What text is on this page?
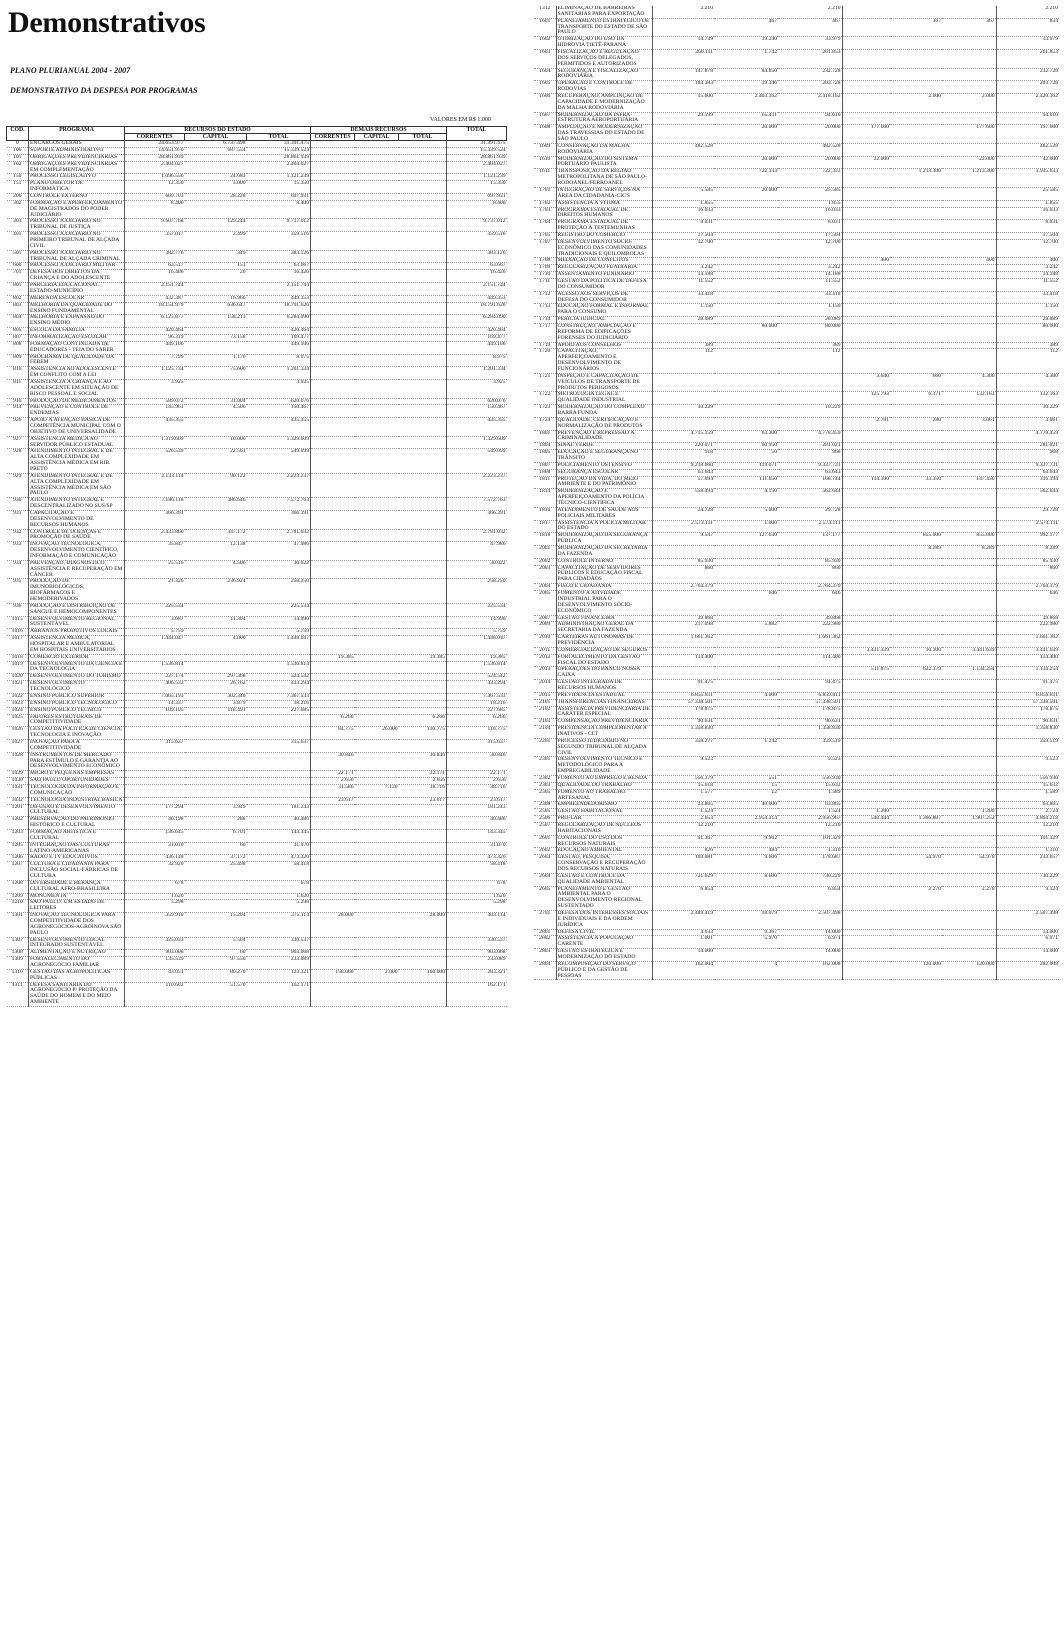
Demonstrativos
PLANO PLURIANUAL 2004 - 2007
DEMONSTRATIVO DA DESPESA POR PROGRAMAS
VALORES EM R$ 1.000
CÓD.	PROGRAMA	RECURSOS DO ESTADO			DEMAIS RECURSOS			TOTAL
		CORRENTES	CAPITAL	TOTAL	CORRENTES	CAPITAL	TOTAL	
0	ENCARGOS GERAIS	24.653.977	6.737.498	31.391.475				31.391.475
100	SUPORTE ADMINISTRATIVO	14.651.970	687.554	15.339.524				15.339.524
101	OBRIGAÇÕES PREVIDENCIÁRIAS	28.861.939		28.861.939				28.861.939
102	OBRIGAÇÕES PREVIDENCIÁRIAS EM COMPLEMENTAÇÃO	2.404.027		2.404.027				2.404.027
150	PROCESSO LEGISLATIVO	1.096.556	24.683	1.121.239				1.121.239
151	PLANO DIRETOR DE INFORMÁTICA	12.350	3.000	15.350				15.350
200	CONTROLE EXTERNO	669.703	28.228	697.931				697.931
302	FORMAÇÃO E APERFEIÇOAMENTO DE MAGISTRADOS DO PODER JUDICIÁRIO	8.400		8.400				8.400
303	PROCESSO JUDICIÁRIO NO TRIBUNAL DE JUSTIÇA	9.607.768	129.244	9.737.012				9.737.012
401	PROCESSO JUDICIÁRIO NO PRIMEIRO TRIBUNAL DE ALÇADA CIVIL	357.017	2.499	359.516				359.516
501	PROCESSO JUDICIÁRIO NO TRIBUNAL DE ALÇADA CRIMINAL	382.776	349	383.126				383.126
600	PROCESSO JUDICIÁRIO MILITAR	63.517	151	63.667				63.667
701	DEFESA DOS DIREITOS DA CRIANÇA E DO ADOLESCENTE	16.406	20	16.426				16.426
801	PARCERIA EDUCACIONAL ESTADO-MUNICÍPIO	2.151.744		2.151.744				2.151.744
802	MERENDA ESCOLAR	432.387	16.966	449.353				449.353
803	MELHORIA DA QUALIDADE DO ENSINO FUNDAMENTAL	18.154.979	636.647	18.791.626				18.791.626
804	MELHORIA E EXPANSÃO DO ENSINO MÉDIO	6.125.877	158.213	6.284.090				6.284.090
805	ESCOLA DA FAMÍLIA	420.464		420.464				420.464
807	INFORMATIZAÇÃO ESCOLAR	96.319	73.158	169.477				169.477
808	FORMAÇÃO CONTINUADA DE EDUCADORES - TEIA DO SABER	449.106		449.106				449.106
809	PROGRAMA DE QUALIDADE DA FEBEM	7.799	1.176	8.975				8.975
810	ASSISTÊNCIA AO ADOLESCENTE EM CONFLITO COM A LEI	1.125.734	75.600	1.201.334				1.201.334
811	ASSISTÊNCIA À CRIANÇA E AO ADOLESCENTE EM SITUAÇÃO DE RISCO PESSOAL E SOCIAL	3.925		3.925				3.925
910	PRODUÇÃO DE MEDICAMENTOS	589.072	31.004	620.076				620.076
914	PREVENÇÃO E CONTROLE DE ENDEMIAS	145.961	4.506	150.467				150.467
926	APOIO À ATENÇÃO BÁSICA DE COMPETÊNCIA MUNICIPAL COM O OBJETIVO DE UNIVERSALIDADE	435.355		435.355				435.355
927	ASSISTÊNCIA MÉDICA AO SERVIDOR PÚBLICO ESTADUAL	1.319.609	10.000	1.329.609				1.329.609
928	ATENDIMENTO INTEGRAL E DE ALTA COMPLEXIDADE EM ASSISTÊNCIA MÉDICA EM RIB. PRETO	526.539	22.561	549.099				549.099
929	ATENDIMENTO INTEGRAL E DE ALTA COMPLEXIDADE EM ASSISTÊNCIA MÉDICA EM SÃO PAULO	2.133.114	90.122	2.223.237				2.223.237
930	ATENDIMENTO INTEGRAL E DESCENTRALIZADO NO SUS/SP	7.186.118	386.646	7.572.763				7.572.763
931	CAPACITAÇÃO E DESENVOLVIMENTO DE RECURSOS HUMANOS	366.391		366.391				366.391
932	CONTROLE DE DOENÇAS E PROMOÇÃO DE SAÚDE	2.433.860	347.172	2.781.032				2.781.032
933	INOVAÇÃO TECNOLÓGICA, DESENVOLVIMENTO CIENTÍFICO, INFORMAÇÃO E COMUNICAÇÃO	35.847	12.138	47.986				47.986
934	PREVENÇÃO, DIAGNÓSTICO, ASSISTÊNCIA E RECUPERAÇÃO EM CÂNCER	25.516	4.506	30.022				30.022
935	PRODUÇÃO DE IMUNOBIOLÓGICOS, BIOFÁRMACOS E HEMODERIVADOS	21.326	236.924	258.250				258.250
936	PRODUÇÃO E DISTRIBUIÇÃO DE SANGUE E HEMOCOMPONENTES	225.534		225.534				225.534
1015	DESENVOLVIMENTO REGIONAL SUSTENTÁVEL	3.687	11.304	14.990				14.990
1016	ARRANJOS PRODUTIVOS LOCAIS	5.759		5.759				5.759
1017	ASSISTÊNCIA MÉDICA, HOSPITALAR E AMBULATORIAL EM HOSPITAIS UNIVERSITÁRIOS	1.444.047	4.000	1.448.047				1.448.047
1018	COMÉRCIO EXTERIOR				19.385		19.385	19.385
1019	DESENVOLVIMENTO DA CIÊNCIA E DA TECNOLOGIA	1.536.814		1.536.814				1.536.814
1020	DESENVOLVIMENTO DO TURISMO	227.174	297.368	524.542				524.542
1021	DESENVOLVIMENTO TECNOLÓGICO	406.532	26.762	433.294				433.294
1022	ENSINO PÚBLICO SUPERIOR	7.065.193	302.340	7.367.533				7.367.533
1023	ENSINO PÚBLICO TECNOLÓGICO	14.337	3.879	18.216				18.216
1024	ENSINO PÚBLICO TÉCNICO	109.195	118.491	227.685				227.685
1025	FATORES ESTRUTURAIS DE COMPETITIVIDADE				6.266		6.266	6.266
1026	GESTÃO DA POLÍTICA DE CIÊNCIA, TECNOLOGIA E INOVAÇÃO				84.775	26.000	110.775	110.775
1027	INOVAÇÃO PARA A COMPETITIVIDADE	315.637		315.637				315.637
1028	INSTRUMENTOS DE MERCADO PARA ESTÍMULO E GARANTIA AO DESENVOLVIMENTO ECONÔMICO				30.846		30.846	30.846
1029	MICRO E PEQUENAS EMPRESAS				22.171		22.171	22.171
1030	SÃO PAULO OPORTUNIDADES				2.656		2.656	2.656
1031	TECNOLOGIA DA INFORMAÇÃO E COMUNICAÇÃO				31.586	7.130	38.716	38.716
1032	TECNOLOGIA INDUSTRIAL BÁSICA				23.617		23.617	23.617
1201	DIFUSÃO E DESENVOLVIMENTO CULTURAL	177.294	3.949	181.243				181.243
1202	PRESERVAÇÃO DO PATRIMÔNIO HISTÓRICO E CULTURAL	40.198	288	40.486				40.486
1203	FORMAÇÃO ARTÍSTICA E CULTURAL	136.645	6.701	143.345				143.345
1205	INTEGRAÇÃO DAS CULTURAS LATINO-AMERICANAS	31.010	60	31.070				31.070
1206	RÁDIO E TV EDUCATIVOS	436.148	37.172	473.320				473.320
1207	CULTURA E CIDADANIA PARA INCLUSÃO SOCIAL-FÁBRICAS DE CULTURA	32.920	25.498	58.418				58.418
1208	DIVERSIDADE E HERANÇA CULTURAL AFRO-BRASILEIRA	678		678				678
1209	MONUMENTA	1.620		1.620				1.620
1210	SÃO PAULO: UM ESTADO DE LEITORES	5.298		5.298				5.298
1301	INOVAÇÃO TECNOLÓGICA PARA COMPETITIVIDADE DOS AGRONEGÓCIOS-AGROINOVA SÃO PAULO	359.910	15.204	375.114	28.000		28.000	403.114
1307	DESENVOLVIMENTO LOCAL INTEGRADO SUSTENTÁVEL	325.033	5.504	330.537				330.537
1308	ALIMENTAÇÃO E NUTRIÇÃO	903.008	60	903.068				903.068
1309	FORTALECIMENTO DO AGRONEGÓCIO FAMILIAR	135.539	97.550	233.089				233.089
1310	GESTÃO DAS AGROPOLÍTICAS PÚBLICAS	43.051	80.270	123.321	158.000	2.000	160.000	283.321
1311	DEFESA SANITÁRIA DO AGRONEGÓCIO P/ PROTEÇÃO DA SAÚDE DO HOMEM E DO MEIO AMBIENTE	110.602	51.570	162.171				162.171
1312	ELIMINAÇÃO DE BARREIRAS SANITÁRIAS PARA EXPORTAÇÃO	2.210		2.210				2.210
1601	PLANEJAMENTO ESTRATÉGICO DE TRANSPORTE DO ESTADO DE SÃO PAULO		467	467		367	367	834
1602	OTIMIZAÇÃO DO USO DA HIDROVIA TIETÊ-PARANÁ	14.739	19.240	33.979				33.979
1603	FISCALIZAÇÃO E REGULAÇÃO DOS SERVIÇOS DELEGADOS, PERMITIDOS E AUTORIZADOS	260.111	1.742	261.853				261.853
1604	SEGURANÇA E FISCALIZAÇÃO RODOVIÁRIA	147.878	84.850	232.728				232.728
1605	OPERAÇÃO E CONTROLE DE RODOVIAS	184.383	19.346	203.728				203.728
1606	RECUPERAÇÃO, AMPLIAÇÃO DE CAPACIDADE E MODERNIZAÇÃO DA MALHA RODOVIÁRIA	15.000	2.403.162	2.418.162		2.000	2.000	2.420.162
1607	MODERNIZAÇÃO DA INFRA-ESTRUTURA AEROPORTUÁRIA	29.199	65.411	94.610				94.610
1608	AMPLIAÇÃO E MODERNIZAÇÃO DAS TRAVESSIAS DO ESTADO DE SÃO PAULO		20.000	20.000	177.600		177.600	197.600
1609	CONSERVAÇÃO DA MALHA RODOVIÁRIA	482.528		482.528				482.528
1610	MODERNIZAÇÃO DO SISTEMA PORTUÁRIO PAULISTA		20.000	20.000	22.000		22.000	42.000
1611	TRANSPOSIÇÃO DA REGIÃO METROPOLITANA DE SÃO PAULO-RODOANEL/FERROANEL		722.333	722.333		1.213.300	1.213.300	1.935.633
1701	INTEGRAÇÃO DE SERVIÇOS NA ÁREA DA CIDADANIA-CIC'S	5.585	20.000	25.585				25.585
1702	ASSISTÊNCIA À VÍTIMA	1.855		1.855				1.855
1703	PROGRAMA ESTADUAL DE DIREITOS HUMANOS	16.033		16.033				16.033
1704	PROGRAMA ESTADUAL DE PROTEÇÃO À TESTEMUNHAS	8.031		8.031				8.031
1705	REGISTRO DO COMÉRCIO	17.504		17.504				17.504
1707	DESENVOLVIMENTO SÓCIO-ECONÔMICO DAS COMUNIDADES TRADICIONAIS E QUILOMBOLAS	12.700		12.700				12.700
1708	MEDIAÇÃO DE CONFLITOS				400		400	400
1709	REGULARIZAÇÃO FUNDIÁRIA	3.242		3.242				3.242
1710	ASSENTAMENTO FUNDIÁRIO	14.188		14.188				14.188
1711	GESTÃO DA POLÍTICA DE DEFESA DO CONSUMIDOR	11.552		11.552				11.552
1712	ACESSO AOS SERVIÇOS DE DEFESA DO CONSUMIDOR	33.418		33.418				33.418
1713	EDUCAÇÃO FORMAL E INFORMAL PARA O CONSUMO	1.150		1.150				1.150
1714	PERÍCIA JUDICIAL	28.089		28.089				28.089
1717	CONSTRUÇÃO, AMPLIAÇÃO E REFORMA DE EDIFICAÇÕES FORENSES DO JUDICIÁRIO		80.000	80.000				80.000
1719	APOIO AOS CONSELHOS	389		389				389
1720	CAPACITAÇÃO, APERFEIÇOAMENTO E DESENVOLVIMENTO DE FUNCIONÁRIOS	112		112				112
1721	INSPEÇÃO E CAPACITAÇÃO DE VEÍCULOS DE TRANSPORTE DE PRODUTOS PERIGOSOS				3.640	660	4.300	4.300
1722	METROLOGIA LEGAL E QUALIDADE INDUSTRIAL				125.793	6.371	132.163	132.163
1723	MODERNIZAÇÃO DO COMPLEXO BARRA FUNDA	10.229		10.229				10.229
1724	QUALIDADE, CERTIFICAÇÃO E NORMALIZAÇÃO DE PRODUTOS				2.781	280	3.061	3.061
1801	PREVENÇÃO E REPRESSÃO À CRIMINALIDADE	4.715.159	63.300	4.778.459				4.778.459
1804	SINAL VERDE	220.071	60.950	281.021				281.021
1805	EDUCAÇÃO E SEGURANÇA NO TRÂNSITO	918	50	968				968
1807	POLICIAMENTO OSTENSIVO	9.218.660	119.071	9.337.731				9.337.731
1808	SEGURANÇA ESCOLAR	63.643		63.643				63.643
1811	PROTEÇÃO DA VIDA, DO MEIO AMBIENTE E DO PATRIMÔNIO	57.094	111.650	168.744	114.100	33.350	147.450	316.194
1814	MODERNIZAÇÃO E APERFEIÇOAMENTO DA POLÍCIA TÉCNICO-CIENTÍFICA	558.494	4.150	562.644				562.644
1816	ATENDIMENTO DE SAÚDE AOS POLICIAIS MILITARES	24.728	5.000	29.728				29.728
1817	ASSISTÊNCIA À POLÍCIA MILITAR DO ESTADO	2.573.111	1.000	2.574.111				2.574.111
1818	MODERNIZAÇÃO DA SEGURANÇA PÚBLICA	9.547	127.630	137.177		855.000	855.000	992.177
2001	MODERNIZAÇÃO DA SECRETARIA DA FAZENDA					8.289	8.289	8.289
2002	CONTROLE INTERNO	85.930		85.930				85.930
2003	CAPACITAÇÃO DE SERVIDORES PÚBLICOS E EDUCAÇÃO FISCAL PARA CIDADÃOS	860		860				860
2004	FISCO E CIDADANIA	2.764.379		2.764.379				2.764.379
2005	FOMENTO À ATIVIDADE INDUSTRIAL PARA O DESENVOLVIMENTO SÓCIO-ECONÔMICO		646	646				646
2007	GESTÃO FINANCEIRA	39.868		39.868				39.868
2009	ADMINISTRAÇÃO GERAL DA SECRETARIA DA FAZENDA	217.098	5.882	222.980				222.980
2010	CARTEIRAS AUTÔNOMAS DE PREVIDÊNCIA	1.661.362		1.661.362				1.661.362
2011	COMERCIALIZAÇÃO DE SEGUROS				3.431.339	10.300	3.441.639	3.441.639
2012	FORTALECIMENTO DA GESTÃO FISCAL DO ESTADO	114.400		114.400				114.400
2013	OPERAÇÕES DO BANCO NOSSA CAIXA				511.875	622.379	1.134.254	1.134.254
2014	GESTÃO INTEGRADA DE RECURSOS HUMANOS	91.475		91.475				91.475
2015	PREVIDÊNCIA ESTADUAL	6.855.811	4.000	6.859.811				6.859.811
2101	TRANSFERÊNCIAS FINANCEIRAS	57.338.501		57.338.501				57.338.501
2102	ASSISTÊNCIA PREVIDENCIÁRIA DE CARÁTER ESPECIAL	178.875		178.875				178.875
2103	COMPENSAÇÃO PREVIDENCIÁRIA	90.631		90.631				90.631
2104	PREVIDÊNCIA COMPLEMENTAR A INATIVOS - CLT	1.358.830		1.358.830				1.358.830
2201	PROCESSO JUDICIÁRIO NO SEGUNDO TRIBUNAL DE ALÇADA CIVIL	358.277	1.242	359.519				359.519
2301	DESENVOLVIMENTO TÉCNICO E METODOLÓGICO PARA A EMPREGABILIDADE	9.523		9.523				9.523
2302	FOMENTO AO EMPREGO E RENDA	556.379	551	556.930				556.930
2303	QUALIDADE DO TRABALHO	15.618	15	15.632				15.632
2305	FOMENTO AO TRABALHO ARTESANAL	1.577	12	1.589				1.589
2308	EMPREENDEDORISMO	23.865	40.000	63.865				63.865
2505	GESTÃO HABITACIONAL	1.524		1.524	1.200		1.200	2.724
2506	PRÓ-LAR	2.653	2.954.314	2.956.967	540.444	1.366.807	1.907.252	4.864.218
2507	REGULARIZAÇÃO DE NÚCLEOS HABITACIONAIS	12.210		12.210				12.210
2601	CONTROLE DO USO DOS RECURSOS NATURAIS	91.367	9.962	101.329				101.329
2602	EDUCAÇÃO AMBIENTAL	826	484	1.310				1.310
2603	GESTÃO, PESQUISA, CONSERVAÇÃO E RECUPERAÇÃO DOS RECURSOS NATURAIS	169.081	9.606	178.687		54.970	54.970	233.657
2604	GESTÃO E CONTROLE DA QUALIDADE AMBIENTAL	721.629	8.600	730.229				730.229
2605	PLANEJAMENTO E GESTÃO AMBIENTAL PARA O DESENVOLVIMENTO REGIONAL SUSTENTADO	6.854		6.854		2.270	2.270	9.124
2701	DEFESA DOS INTERESSES SOCIAIS E INDIVIDUAIS E DA ORDEM JURÍDICA	2.489.419	18.079	2.507.498				2.507.498
2801	DEFESA CIVIL	4.633	9.367	14.000				14.000
2802	ASSISTÊNCIA À POPULAÇÃO CARENTE	1.001	5.970	6.971				6.971
2803	GESTÃO ESTRATÉGICA E MODERNIZAÇÃO DO ESTADO	14.000		14.000				14.000
2804	RECOMPOSIÇÃO DO SERVIÇO PÚBLICO E DA GESTÃO DE PESSOAS	162.004	4	162.008		120.000	120.000	282.008
